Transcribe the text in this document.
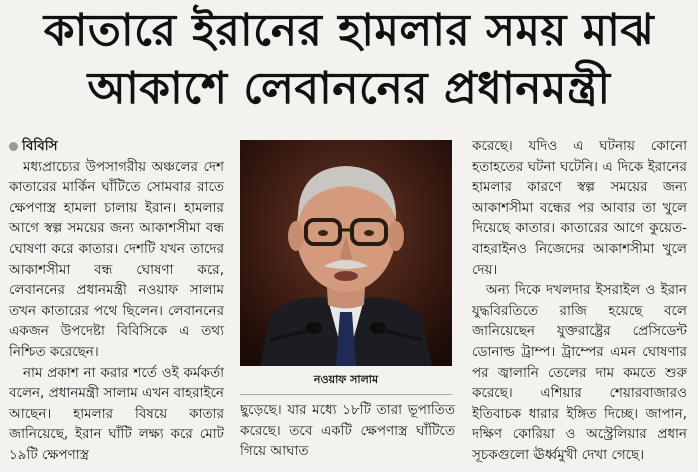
কাতারে ইরানের হামলার সময় মাঝ
আকাশে লেবাননের প্রধানমন্ত্রী

বিবিসি

মধ্যপ্রাচ্যের উপসাগরীয় অঞ্চলের দেশ কাতারের মার্কিন ঘাঁটিতে সোমবার রাতে ক্ষেপণাস্ত্র হামলা চালায় ইরান। হামলার আগে স্বল্প সময়ের জন্য আকাশসীমা বন্ধ ঘোষণা করে কাতার। দেশটি যখন তাদের আকাশসীমা বন্ধ ঘোষণা করে, লেবাননের প্রধানমন্ত্রী নওয়াফ সালাম তখন কাতারের পথে ছিলেন। লেবাননের একজন উপদেষ্টা বিবিসিকে এ তথ্য নিশ্চিত করেছেন।

নাম প্রকাশ না করার শর্তে ওই কর্মকর্তা বলেন, প্রধানমন্ত্রী সালাম এখন বাহরাইনে আছেন। হামলার বিষয়ে কাতার জানিয়েছে, ইরান ঘাঁটি লক্ষ্য করে মোট ১৯টি ক্ষেপণাস্ত্র

নওয়াফ সালাম

ছুড়েছে। যার মধ্যে ১৮টি তারা ভূপাতিত করেছে। তবে একটি ক্ষেপণাস্ত্র ঘাঁটিতে গিয়ে আঘাত

করেছে। যদিও এ ঘটনায় কোনো হতাহতের ঘটনা ঘটেনি। এ দিকে ইরানের হামলার কারণে স্বল্প সময়ের জন্য আকাশসীমা বন্ধের পর আবার তা খুলে দিয়েছে কাতার। কাতারের আগে কুয়েত-বাহরাইনও নিজেদের আকাশসীমা খুলে দেয়।

অন্য দিকে দখলদার ইসরাইল ও ইরান যুদ্ধবিরতিতে রাজি হয়েছে বলে জানিয়েছেন যুক্তরাষ্ট্রের প্রেসিডেন্ট ডোনাল্ড ট্রাম্প। ট্রাম্পের এমন ঘোষণার পর জ্বালানি তেলের দাম কমতে শুরু করেছে। এশিয়ার শেয়ারবাজারও ইতিবাচক ধারার ইঙ্গিত দিচ্ছে। জাপান, দক্ষিণ কোরিয়া ও অস্ট্রেলিয়ার প্রধান সূচকগুলো ঊর্ধ্বমুখী দেখা গেছে।
